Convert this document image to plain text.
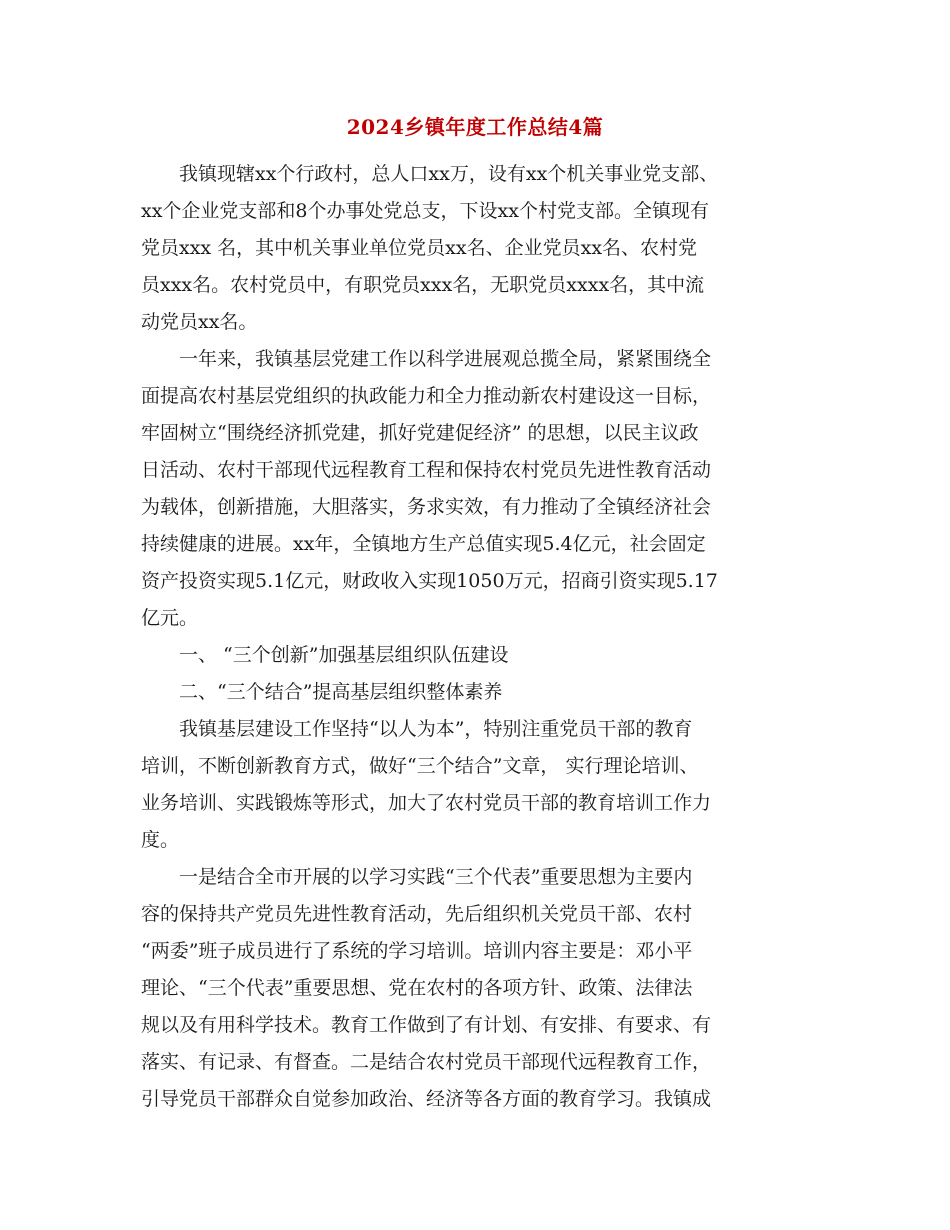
2024乡镇年度工作总结4篇
　　我镇现辖xx个行政村，总人口xx万，设有xx个机关事业党支部、
xx个企业党支部和8个办事处党总支，下设xx个村党支部。全镇现有
党员xxx 名，其中机关事业单位党员xx名、企业党员xx名、农村党
员xxx名。农村党员中，有职党员xxx名，无职党员xxxx名，其中流
动党员xx名。
　　一年来，我镇基层党建工作以科学进展观总揽全局，紧紧围绕全
面提高农村基层党组织的执政能力和全力推动新农村建设这一目标，
牢固树立“围绕经济抓党建，抓好党建促经济” 的思想，以民主议政
日活动、农村干部现代远程教育工程和保持农村党员先进性教育活动
为载体，创新措施，大胆落实，务求实效，有力推动了全镇经济社会
持续健康的进展。xx年，全镇地方生产总值实现5.4亿元，社会固定
资产投资实现5.1亿元，财政收入实现1050万元，招商引资实现5.17
亿元。
　　一、 “三个创新”加强基层组织队伍建设
　　二、“三个结合”提高基层组织整体素养
　　我镇基层建设工作坚持“以人为本”，特别注重党员干部的教育
培训，不断创新教育方式，做好“三个结合”文章， 实行理论培训、
业务培训、实践锻炼等形式，加大了农村党员干部的教育培训工作力
度。
　　一是结合全市开展的以学习实践“三个代表”重要思想为主要内
容的保持共产党员先进性教育活动，先后组织机关党员干部、农村
“两委”班子成员进行了系统的学习培训。培训内容主要是：邓小平
理论、“三个代表”重要思想、党在农村的各项方针、政策、法律法
规以及有用科学技术。教育工作做到了有计划、有安排、有要求、有
落实、有记录、有督查。二是结合农村党员干部现代远程教育工作，
引导党员干部群众自觉参加政治、经济等各方面的教育学习。我镇成
